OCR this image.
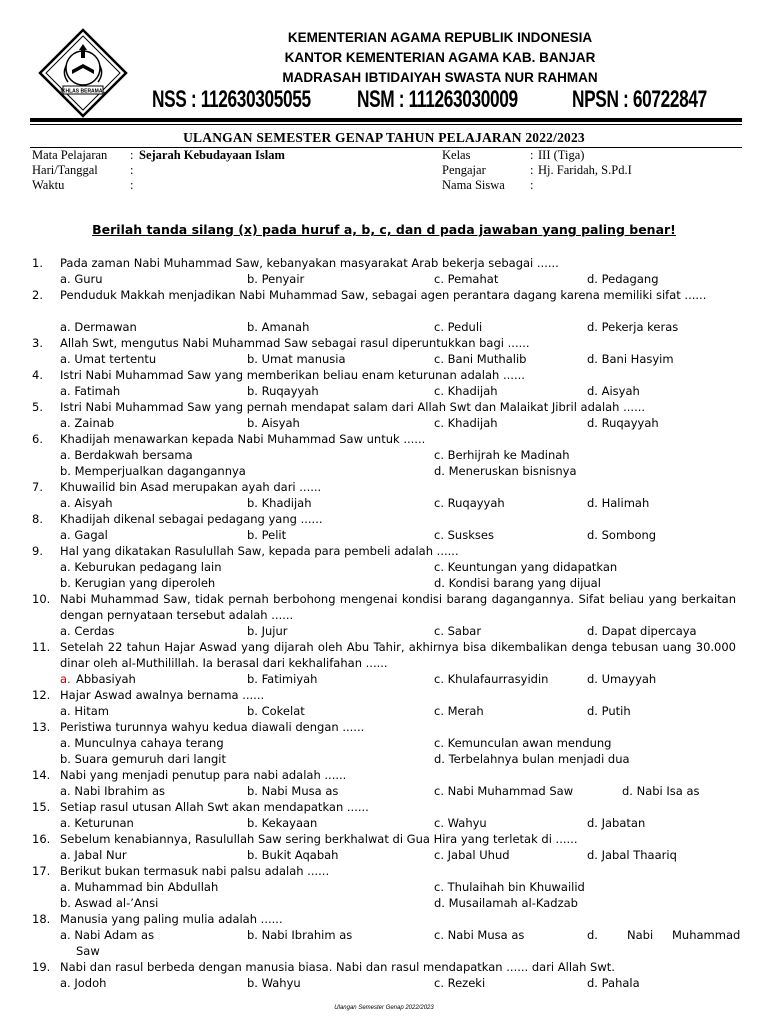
IKHLAS BERAMAL
KEMENTERIAN AGAMA REPUBLIK INDONESIA
KANTOR KEMENTERIAN AGAMA KAB. BANJAR
MADRASAH IBTIDAIYAH SWASTA NUR RAHMAN
NSS : 112630305055 NSM : 111263030009 NPSN : 60722847
ULANGAN SEMESTER GENAP TAHUN PELAJARAN 2022/2023
Mata Pelajaran : Sejarah Kebudayaan Islam
Hari/Tanggal	:
Waktu	:
Kelas	: III (Tiga)
Pengajar	: Hj. Faridah, S.Pd.I
Nama Siswa :
Berilah tanda silang (x) pada huruf a, b, c, dan d pada jawaban yang paling benar!
1.	Pada zaman Nabi Muhammad Saw, kebanyakan masyarakat Arab bekerja sebagai ......
a. Guru	b. Penyair	c. Pemahat	d. Pedagang
2.	Penduduk Makkah menjadikan Nabi Muhammad Saw, sebagai agen perantara dagang karena memiliki sifat ......
a. Dermawan	b. Amanah	c. Peduli	d. Pekerja keras
3.	Allah Swt, mengutus Nabi Muhammad Saw sebagai rasul diperuntukkan bagi ......
a. Umat tertentu	b. Umat manusia	c. Bani Muthalib	d. Bani Hasyim
4.	Istri Nabi Muhammad Saw yang memberikan beliau enam keturunan adalah ......
a. Fatimah	b. Ruqayyah	c. Khadijah	d. Aisyah
5.	Istri Nabi Muhammad Saw yang pernah mendapat salam dari Allah Swt dan Malaikat Jibril adalah ......
a. Zainab	b. Aisyah	c. Khadijah	d. Ruqayyah
6.	Khadijah menawarkan kepada Nabi Muhammad Saw untuk ......
a. Berdakwah bersama
b. Memperjualkan dagangannya
c. Berhijrah ke Madinah
d. Meneruskan bisnisnya
7.	Khuwailid bin Asad merupakan ayah dari ......
a. Aisyah	b. Khadijah	c. Ruqayyah	d. Halimah
8.	Khadijah dikenal sebagai pedagang yang ......
a. Gagal	b. Pelit	c. Suskses	d. Sombong
9.	Hal yang dikatakan Rasulullah Saw, kepada para pembeli adalah ......
a. Keburukan pedagang lain
b. Kerugian yang diperoleh
c. Keuntungan yang didapatkan
d. Kondisi barang yang dijual
10. Nabi Muhammad Saw, tidak pernah berbohong mengenai kondisi barang dagangannya. Sifat beliau yang berkaitan dengan pernyataan tersebut adalah ......
a. Cerdas	b. Jujur	c. Sabar	d. Dapat dipercaya
11. Setelah 22 tahun Hajar Aswad yang dijarah oleh Abu Tahir, akhirnya bisa dikembalikan denga tebusan uang 30.000 dinar oleh al-Muthilillah. Ia berasal dari kekhalifahan ......
a. Abbasiyah	b. Fatimiyah	c. Khulafaurrasyidin	d. Umayyah
12. Hajar Aswad awalnya bernama ......
a. Hitam	b. Cokelat	c. Merah	d. Putih
13. Peristiwa turunnya wahyu kedua diawali dengan ......
a. Munculnya cahaya terang
b. Suara gemuruh dari langit
c. Kemunculan awan mendung
d. Terbelahnya bulan menjadi dua
14. Nabi yang menjadi penutup para nabi adalah ......
a. Nabi Ibrahim as	b. Nabi Musa as	c. Nabi Muhammad Saw	d. Nabi Isa as
15. Setiap rasul utusan Allah Swt akan mendapatkan ......
a. Keturunan	b. Kekayaan	c. Wahyu	d. Jabatan
16. Sebelum kenabiannya, Rasulullah Saw sering berkhalwat di Gua Hira yang terletak di ......
a. Jabal Nur	b. Bukit Aqabah	c. Jabal Uhud	d. Jabal Thaariq
17. Berikut bukan termasuk nabi palsu adalah ......
a. Muhammad bin Abdullah
b. Aswad al-’Ansi
c. Thulaihah bin Khuwailid
d. Musailamah al-Kadzab
18. Manusia yang paling mulia adalah ......
a. Nabi Adam as	b. Nabi Ibrahim as	c. Nabi Musa as	d.	Nabi Muhammad
Saw
19. Nabi dan rasul berbeda dengan manusia biasa. Nabi dan rasul mendapatkan ...... dari Allah Swt.
a. Jodoh	b. Wahyu	c. Rezeki	d. Pahala
Ulangan Semester Genap 2022/2023
